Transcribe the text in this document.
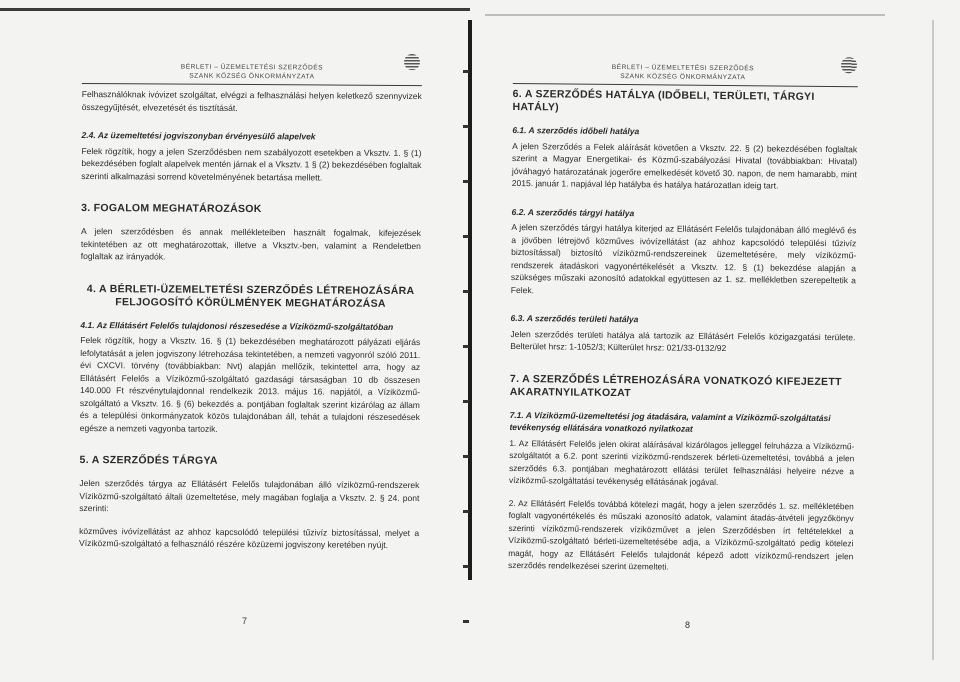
BÉRLETI – ÜZEMELTETÉSI SZERZŐDÉS
SZANK KÖZSÉG ÖNKORMÁNYZATA

Felhasználóknak ivóvizet szolgáltat, elvégzi a felhasználási helyen keletkező szennyvizek összegyűjtését, elvezetését és tisztítását.

2.4. Az üzemeltetési jogviszonyban érvényesülő alapelvek

Felek rögzítik, hogy a jelen Szerződésben nem szabályozott esetekben a Vksztv. 1. § (1) bekezdésében foglalt alapelvek mentén járnak el a Vksztv. 1 § (2) bekezdésében foglaltak szerinti alkalmazási sorrend követelményének betartása mellett.

3. FOGALOM MEGHATÁROZÁSOK

A jelen szerződésben és annak mellékleteiben használt fogalmak, kifejezések tekintetében az ott meghatározottak, illetve a Vksztv.-ben, valamint a Rendeletben foglaltak az irányadók.

4. A BÉRLETI-ÜZEMELTETÉSI SZERZŐDÉS LÉTREHOZÁSÁRA FELJOGOSÍTÓ KÖRÜLMÉNYEK MEGHATÁROZÁSA
4.1. Az Ellátásért Felelős tulajdonosi részesedése a Víziközmű-szolgáltatóban

Felek rögzítik, hogy a Vksztv. 16. § (1) bekezdésében meghatározott pályázati eljárás lefolytatását a jelen jogviszony létrehozása tekintetében, a nemzeti vagyonról szóló 2011. évi CXCVI. törvény (továbbiakban: Nvt) alapján mellőzik, tekintettel arra, hogy az Ellátásért Felelős a Víziközmű-szolgáltató gazdasági társaságban 10 db összesen 140.000 Ft részvénytulajdonnal rendelkezik 2013. május 16. napjától, a Víziközmű-szolgáltató a Vksztv. 16. § (6) bekezdés a. pontjában foglaltak szerint kizárólag az állam és a települési önkormányzatok közös tulajdonában áll, tehát a tulajdoni részesedések egésze a nemzeti vagyonba tartozik.

5. A SZERZŐDÉS TÁRGYA

Jelen szerződés tárgya az Ellátásért Felelős tulajdonában álló víziközmű-rendszerek Víziközmű-szolgáltató általi üzemeltetése, mely magában foglalja a Vksztv. 2. § 24. pont szerinti:

közműves ivóvízellátást az ahhoz kapcsolódó települési tűzivíz biztosítással, melyet a Víziközmű-szolgáltató a felhasználó részére közüzemi jogviszony keretében nyújt.

7
BÉRLETI – ÜZEMELTETÉSI SZERZŐDÉS
SZANK KÖZSÉG ÖNKORMÁNYZATA
6. A SZERZŐDÉS HATÁLYA (IDŐBELI, TERÜLETI, TÁRGYI HATÁLY)
6.1. A szerződés időbeli hatálya

A jelen Szerződés a Felek aláírását követően a Vksztv. 22. § (2) bekezdésében foglaltak szerint a Magyar Energetikai- és Közmű-szabályozási Hivatal (továbbiakban: Hivatal) jóváhagyó határozatának jogerőre emelkedését követő 30. napon, de nem hamarabb, mint 2015. január 1. napjával lép hatályba és hatálya határozatlan ideig tart.

6.2. A szerződés tárgyi hatálya

A jelen szerződés tárgyi hatálya kiterjed az Ellátásért Felelős tulajdonában álló meglévő és a jövőben létrejövő közműves ivóvízellátást (az ahhoz kapcsolódó települési tűzivíz biztosítással) biztosító víziközmű-rendszereinek üzemeltetésére, mely víziközmű-rendszerek átadáskori vagyonértékelését a Vksztv. 12. § (1) bekezdése alapján a szükséges műszaki azonosító adatokkal együttesen az 1. sz. mellékletben szerepeltetik a Felek.

6.3. A szerződés területi hatálya

Jelen szerződés területi hatálya alá tartozik az Ellátásért Felelős közigazgatási területe. Belterület hrsz: 1-1052/3; Külterület hrsz: 021/33-0132/92

7. A SZERZŐDÉS LÉTREHOZÁSÁRA VONATKOZÓ KIFEJEZETT AKARATNYILATKOZAT
7.1. A Víziközmű-üzemeltetési jog átadására, valamint a Víziközmű-szolgáltatási tevékenység ellátására vonatkozó nyilatkozat

1. Az Ellátásért Felelős jelen okirat aláírásával kizárólagos jelleggel felruházza a Víziközmű-szolgáltatót a 6.2. pont szerinti víziközmű-rendszerek bérleti-üzemeltetési, továbbá a jelen szerződés 6.3. pontjában meghatározott ellátási terület felhasználási helyeire nézve a víziközmű-szolgáltatási tevékenység ellátásának jogával.

2. Az Ellátásért Felelős továbbá kötelezi magát, hogy a jelen szerződés 1. sz. mellékletében foglalt vagyonértékelés és műszaki azonosító adatok, valamint átadás-átvételi jegyzőkönyv szerinti víziközmű-rendszerek víziközművet a jelen Szerződésben írt feltételekkel a Víziközmű-szolgáltató bérleti-üzemeltetésébe adja, a Víziközmű-szolgáltató pedig kötelezi magát, hogy az Ellátásért Felelős tulajdonát képező adott víziközmű-rendszert jelen szerződés rendelkezései szerint üzemelteti.

8
